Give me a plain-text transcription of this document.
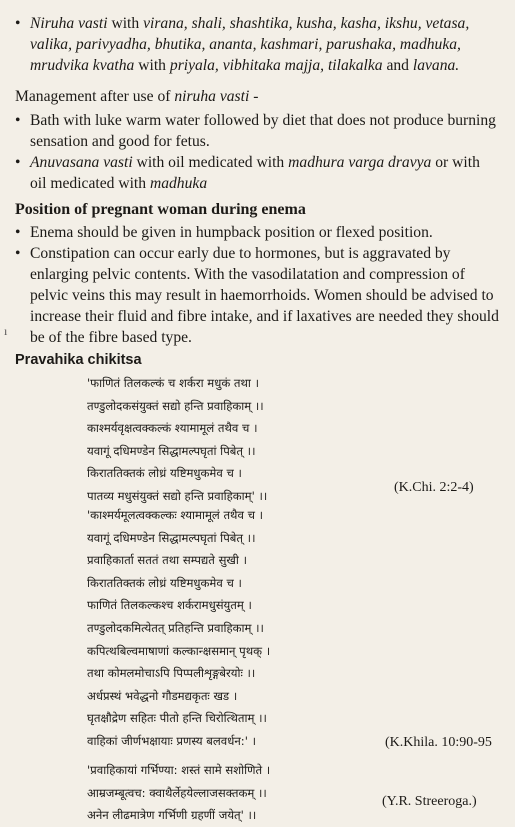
• Niruha vasti with virana, shali, shashtika, kusha, kasha, ikshu, vetasa, valika, parivyadha, bhutika, ananta, kashmari, parushaka, madhuka, mrudvika kvatha with priyala, vibhitaka majja, tilakalka and lavana.
Management after use of niruha vasti -
• Bath with luke warm water followed by diet that does not produce burning sensation and good for fetus.
• Anuvasana vasti with oil medicated with madhura varga dravya or with oil medicated with madhuka
Position of pregnant woman during enema
• Enema should be given in humpback position or flexed position.
• Constipation can occur early due to hormones, but is aggravated by enlarging pelvic contents. With the vasodilatation and compression of pelvic veins this may result in haemorrhoids. Women should be advised to increase their fluid and fibre intake, and if laxatives are needed they should be of the fibre based type.
ı
Pravahika chikitsa
'फाणितं तिलकल्कं च शर्करा मधुकं तथा ।
तण्डुलोदकसंयुक्तं सद्यो हन्ति प्रवाहिकाम् ।।
काश्मर्यवृक्षत्वक्कल्कं श्यामामूलं तथैव च ।
यवागूं दधिमण्डेन सिद्धामल्पघृतां पिबेत् ।।
किराततिक्तकं लोध्रं यष्टिमधुकमेव च ।
पातव्य मधुसंयुक्तं सद्यो हन्ति प्रवाहिकाम्' ।।
(K.Chi. 2:2-4)
'काश्मर्यमूलत्वक्कल्कः श्यामामूलं तथैव च ।
यवागूं दधिमण्डेन सिद्धामल्पघृतां पिबेत् ।।
प्रवाहिकार्ता सततं तथा सम्पद्यते सुखी ।
किराततिक्तकं लोध्रं यष्टिमधुकमेव च ।
फाणितं तिलकल्कश्च शर्करामधुसंयुतम् ।
तण्डुलोदकमित्येतत् प्रतिहन्ति प्रवाहिकाम् ।।
कपित्थबिल्वमाषाणां कल्कान्क्षसमान् पृथक् ।
तथा कोमलमोचाऽपि पिप्पलीशृङ्गबेरयोः ।।
अर्धप्रस्थं भवेद्धनो गौडमद्यकृतः खड ।
घृतक्षौद्रेण सहितः पीतो हन्ति चिरोत्थिताम् ।।
वाहिकां जीर्णभक्षायाः प्रणस्य बलवर्धन:' ।	(K.Khila. 10:90-95
'प्रवाहिकायां गर्भिण्या: शस्तं सामे सशोणिते ।
आम्रजम्बूत्वच: क्वाथैर्लेहयेल्लाजसक्तकम् ।।
अनेन लीढमात्रेण गर्भिणी ग्रहणीं जयेत्' ।।
(Y.R. Streeroga.)
